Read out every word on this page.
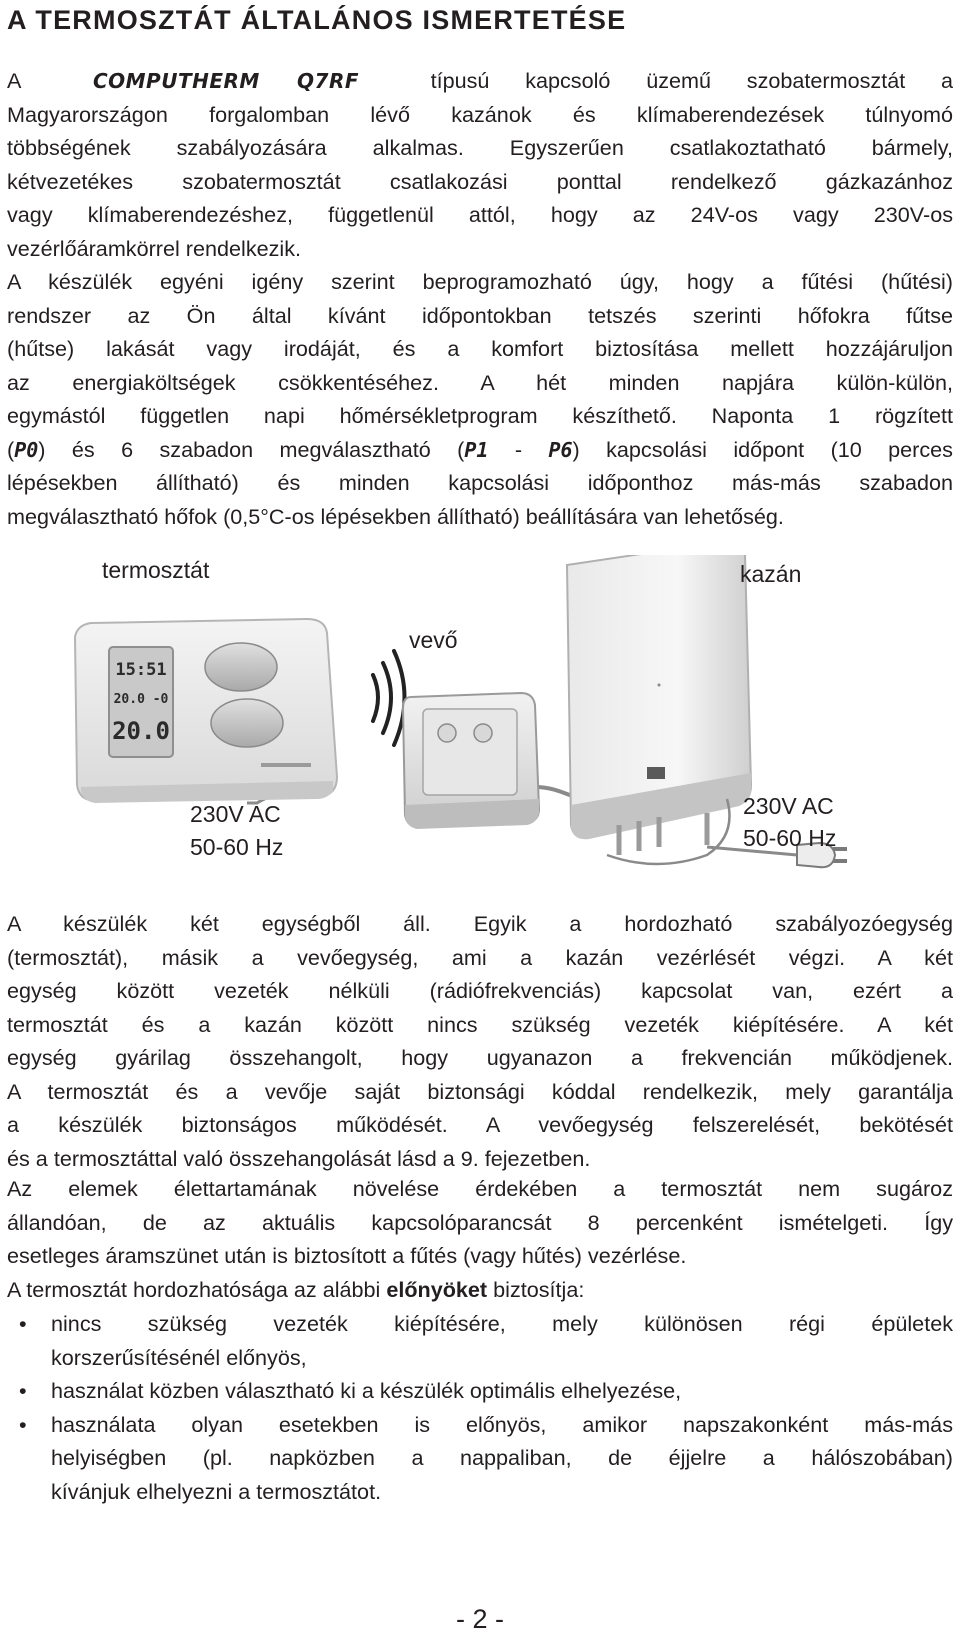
A TERMOSZTÁT ÁLTALÁNOS ISMERTETÉSE
A	COMPUTHERM Q7RF	típusú kapcsoló üzemű szobatermosztát a
Magyarországon forgalomban lévő kazánok és klímaberendezések túlnyomó
többségének szabályozására alkalmas. Egyszerűen csatlakoztatható bármely,
kétvezetékes szobatermosztát csatlakozási ponttal rendelkező gázkazánhoz
vagy klímaberendezéshez, függetlenül attól, hogy az 24V-os vagy 230V-os
vezérlőáramkörrel rendelkezik.
A készülék egyéni igény szerint beprogramozható úgy, hogy a fűtési (hűtési)
rendszer az Ön által kívánt időpontokban tetszés szerinti hőfokra fűtse
(hűtse) lakását vagy irodáját, és a komfort biztosítása mellett hozzájáruljon
az energiaköltségek csökkentéséhez. A hét minden napjára külön-külön,
egymástól független napi hőmérsékletprogram készíthető. Naponta 1 rögzített
(P0) és 6 szabadon megválasztható (P1 - P6) kapcsolási időpont (10 perces
lépésekben állítható) és minden kapcsolási időponthoz más-más szabadon
megválasztható hőfok (0,5°C-os lépésekben állítható) beállítására van lehetőség.
15:51
20.0 -0
20.0
termosztát
vevő
kazán
230V AC
50-60 Hz
230V AC
50-60 Hz
A készülék két egységből áll. Egyik a hordozható szabályozóegység
(termosztát), másik a vevőegység, ami a kazán vezérlését végzi. A két
egység között vezeték nélküli (rádiófrekvenciás) kapcsolat van, ezért a
termosztát és a kazán között nincs szükség vezeték kiépítésére. A két
egység gyárilag összehangolt, hogy ugyanazon a frekvencián működjenek.
A termosztát és a vevője saját biztonsági kóddal rendelkezik, mely garantálja
a készülék biztonságos működését. A vevőegység felszerelését, bekötését
és a termosztáttal való összehangolását lásd a 9. fejezetben.
Az elemek élettartamának növelése érdekében a termosztát nem sugároz
állandóan, de az aktuális kapcsolóparancsát 8 percenként ismételgeti. Így
esetleges áramszünet után is biztosított a fűtés (vagy hűtés) vezérlése.
A termosztát hordozhatósága az alábbi előnyöket biztosítja:
• nincs szükség vezeték kiépítésére, mely különösen régi épületek
korszerűsítésénél előnyös,
• használat közben választható ki a készülék optimális elhelyezése,
• használata olyan esetekben is előnyös, amikor napszakonként más-más
helyiségben (pl. napközben a nappaliban, de éjjelre a hálószobában)
kívánjuk elhelyezni a termosztátot.
- 2 -
